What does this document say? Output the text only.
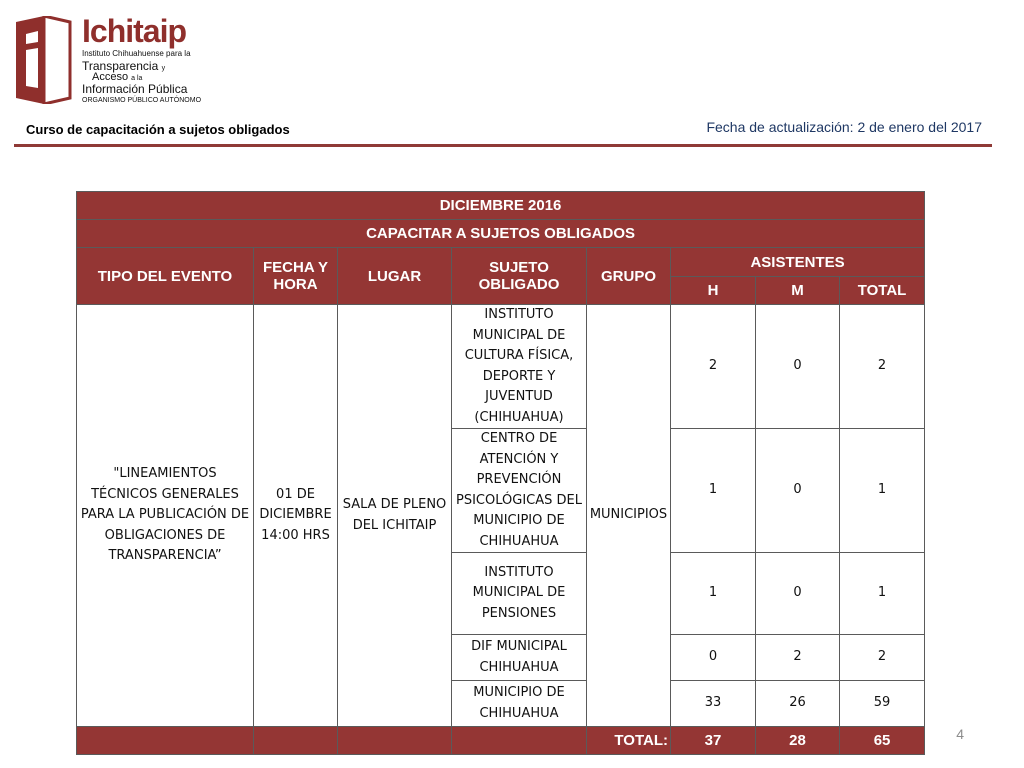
Ichitaip
Instituto Chihuahuense para la
Transparencia y
Acceso a la
Información Pública
ORGANISMO PÚBLICO AUTÓNOMO
Curso de capacitación a sujetos obligados	Fecha de actualización: 2 de enero del 2017
DICIEMBRE 2016							
CAPACITAR A SUJETOS OBLIGADOS							
TIPO DEL EVENTO	FECHA Y HORA	LUGAR	SUJETO OBLIGADO	GRUPO	ASISTENTES		
					H	M	TOTAL
"LINEAMIENTOS TÉCNICOS GENERALES PARA LA PUBLICACIÓN DE OBLIGACIONES DE TRANSPARENCIA”	01 DE DICIEMBRE 14:00 HRS	SALA DE PLENO DEL ICHITAIP	INSTITUTO MUNICIPAL DE CULTURA FÍSICA, DEPORTE Y JUVENTUD (CHIHUAHUA)	MUNICIPIOS	2	0	2
			CENTRO DE ATENCIÓN Y PREVENCIÓN PSICOLÓGICAS DEL MUNICIPIO DE CHIHUAHUA		1	0	1
			INSTITUTO MUNICIPAL DE PENSIONES		1	0	1
			DIF MUNICIPAL CHIHUAHUA		0	2	2
			MUNICIPIO DE CHIHUAHUA		33	26	59
				TOTAL:	37	28	65	4
